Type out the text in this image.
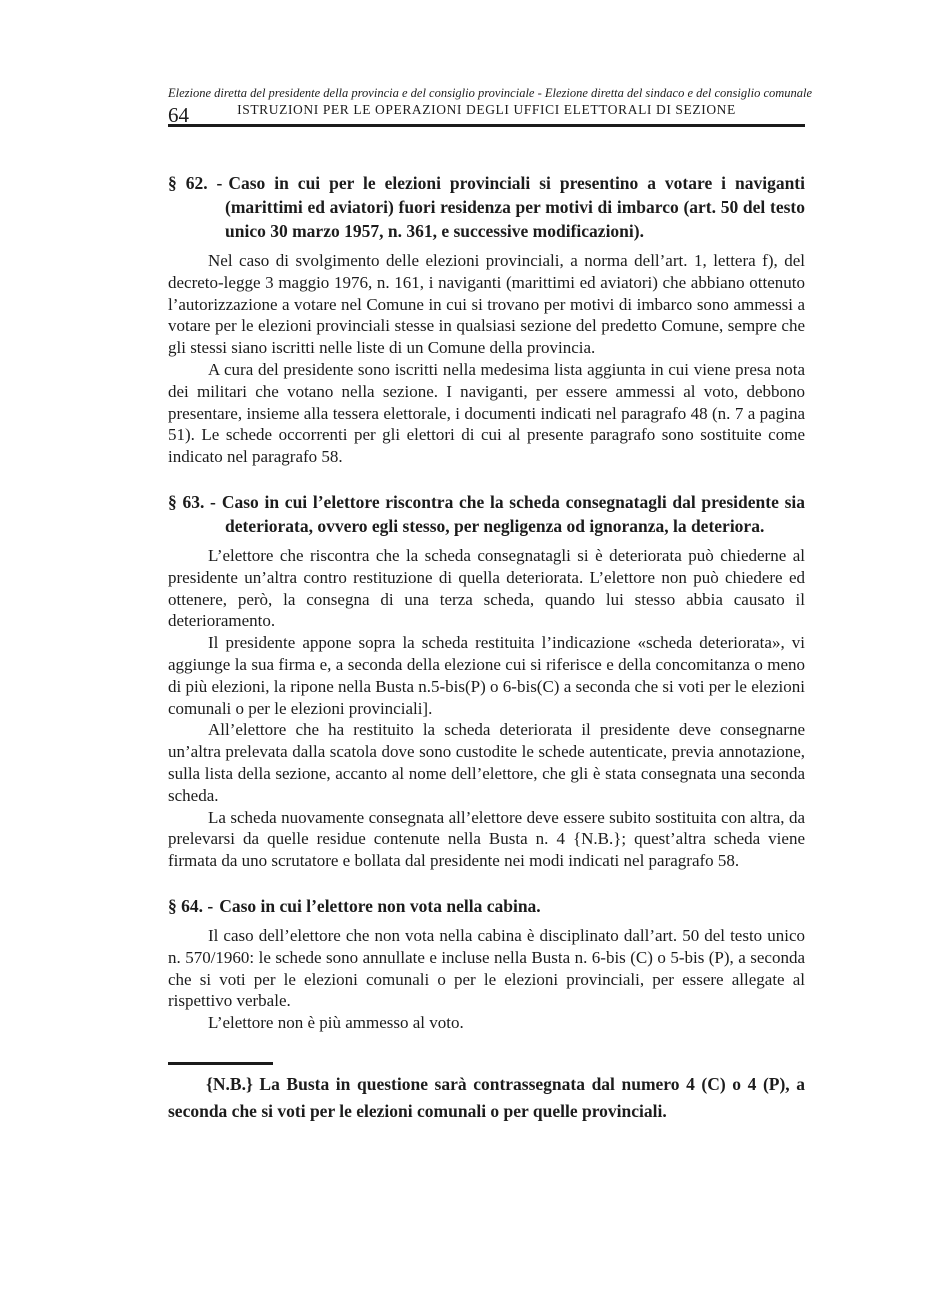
Elezione diretta del presidente della provincia e del consiglio provinciale - Elezione diretta del sindaco e del consiglio comunale
ISTRUZIONI PER LE OPERAZIONI DEGLI UFFICI ELETTORALI DI SEZIONE
64
§ 62. - Caso in cui per le elezioni provinciali si presentino a votare i naviganti (marittimi ed aviatori) fuori residenza per motivi di imbarco (art. 50 del testo unico 30 marzo 1957, n. 361, e successive modificazioni).

Nel caso di svolgimento delle elezioni provinciali, a norma dell’art. 1, lettera f), del decreto-legge 3 maggio 1976, n. 161, i naviganti (marittimi ed aviatori) che abbiano ottenuto l’autorizzazione a votare nel Comune in cui si trovano per motivi di imbarco sono ammessi a votare per le elezioni provinciali stesse in qualsiasi sezione del predetto Comune, sempre che gli stessi siano iscritti nelle liste di un Comune della provincia.

A cura del presidente sono iscritti nella medesima lista aggiunta in cui viene presa nota dei militari che votano nella sezione. I naviganti, per essere ammessi al voto, debbono presentare, insieme alla tessera elettorale, i documenti indicati nel paragrafo 48 (n. 7 a pagina 51). Le schede occorrenti per gli elettori di cui al presente paragrafo sono sostituite come indicato nel paragrafo 58.

§ 63. - Caso in cui l’elettore riscontra che la scheda consegnatagli dal presidente sia deteriorata, ovvero egli stesso, per negligenza od ignoranza, la deteriora.

L’elettore che riscontra che la scheda consegnatagli si è deteriorata può chiederne al presidente un’altra contro restituzione di quella deteriorata. L’elettore non può chiedere ed ottenere, però, la consegna di una terza scheda, quando lui stesso abbia causato il deterioramento.

Il presidente appone sopra la scheda restituita l’indicazione «scheda deteriorata», vi aggiunge la sua firma e, a seconda della elezione cui si riferisce e della concomitanza o meno di più elezioni, la ripone nella Busta n.5-bis(P) o 6-bis(C) a seconda che si voti per le elezioni comunali o per le elezioni provinciali].

All’elettore che ha restituito la scheda deteriorata il presidente deve consegnarne un’altra prelevata dalla scatola dove sono custodite le schede autenticate, previa annotazione, sulla lista della sezione, accanto al nome dell’elettore, che gli è stata consegnata una seconda scheda.

La scheda nuovamente consegnata all’elettore deve essere subito sostituita con altra, da prelevarsi da quelle residue contenute nella Busta n. 4 {N.B.}; quest’altra scheda viene firmata da uno scrutatore e bollata dal presidente nei modi indicati nel paragrafo 58.

§ 64. - Caso in cui l’elettore non vota nella cabina.

Il caso dell’elettore che non vota nella cabina è disciplinato dall’art. 50 del testo unico n. 570/1960: le schede sono annullate e incluse nella Busta n. 6-bis (C) o 5-bis (P), a seconda che si voti per le elezioni comunali o per le elezioni provinciali, per essere allegate al rispettivo verbale.

L’elettore non è più ammesso al voto.

{N.B.} La Busta in questione sarà contrassegnata dal numero 4 (C) o 4 (P), a seconda che si voti per le elezioni comunali o per quelle provinciali.
